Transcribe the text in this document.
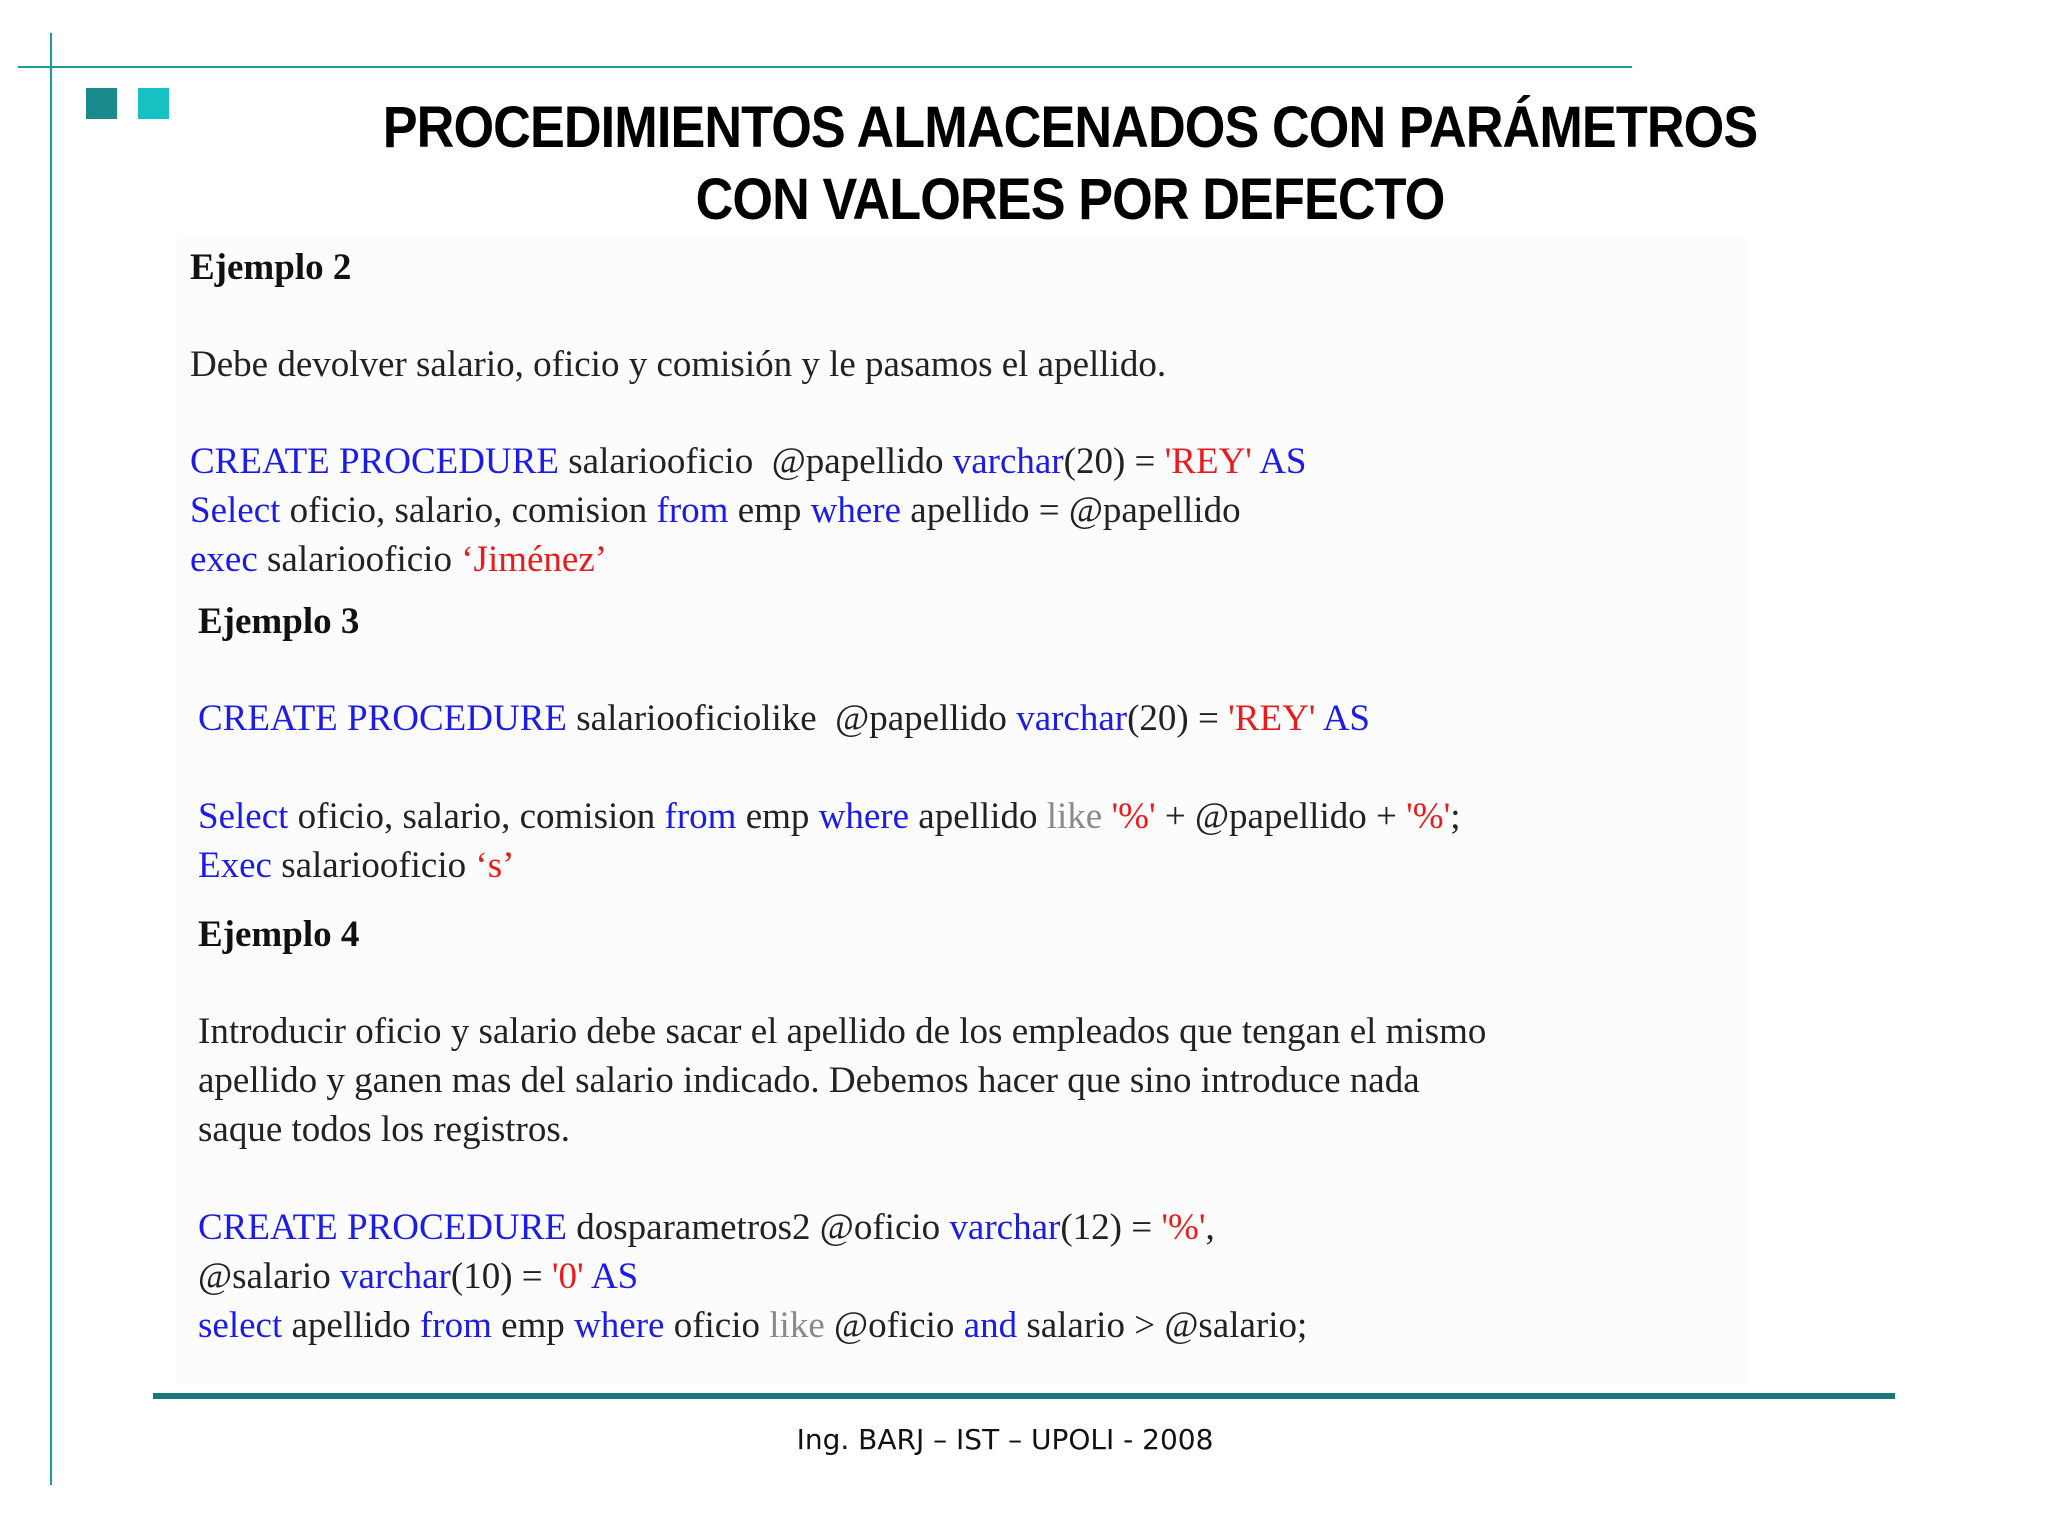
PROCEDIMIENTOS ALMACENADOS CON PARÁMETROS
CON VALORES POR DEFECTO
Ejemplo 2
Debe devolver salario, oficio y comisión y le pasamos el apellido.
CREATE PROCEDURE salariooficio  @papellido varchar(20) = 'REY' AS
Select oficio, salario, comision from emp where apellido = @papellido
exec salariooficio ‘Jiménez’
Ejemplo 3
CREATE PROCEDURE salariooficiolike  @papellido varchar(20) = 'REY' AS
Select oficio, salario, comision from emp where apellido like '%' + @papellido + '%';
Exec salariooficio ‘s’
Ejemplo 4
Introducir oficio y salario debe sacar el apellido de los empleados que tengan el mismo
apellido y ganen mas del salario indicado. Debemos hacer que sino introduce nada
saque todos los registros.
CREATE PROCEDURE dosparametros2 @oficio varchar(12) = '%',
@salario varchar(10) = '0' AS
select apellido from emp where oficio like @oficio and salario > @salario;
Ing. BARJ – IST – UPOLI - 2008
